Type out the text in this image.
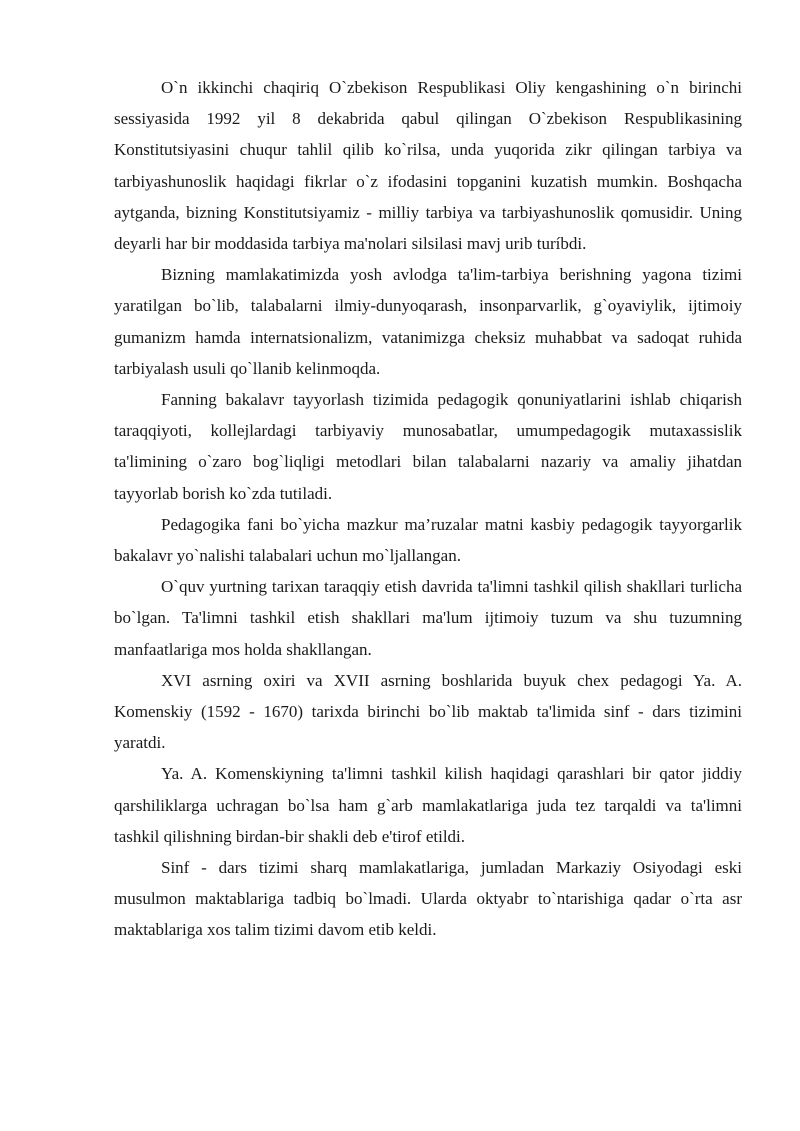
O`n ikkinchi chaqiriq O`zbekison Respublikasi Oliy kengashining o`n birinchi sessiyasida 1992 yil 8 dekabrida qabul qilingan O`zbekison Respublikasining Konstitutsiyasini chuqur tahlil qilib ko`rilsa, unda yuqorida zikr qilingan tarbiya va tarbiyashunoslik haqidagi fikrlar o`z ifodasini topganini kuzatish mumkin. Boshqacha aytganda, bizning Konstitutsiyamiz - milliy tarbiya va tarbiyashunoslik qomusidir. Uning deyarli har bir moddasida tarbiya ma'nolari silsilasi mavj urib turíbdi.

Bizning mamlakatimizda yosh avlodga ta'lim-tarbiya berishning yagona tizimi yaratilgan bo`lib, talabalarni ilmiy-dunyoqarash, insonparvarlik, g`oyaviylik, ijtimoiy gumanizm hamda internatsionalizm, vatanimizga cheksiz muhabbat va sadoqat ruhida tarbiyalash usuli qo`llanib kelinmoqda.

Fanning bakalavr tayyorlash tizimida pedagogik qonuniyatlarini ishlab chiqarish taraqqiyoti, kollejlardagi tarbiyaviy munosabatlar, umumpedagogik mutaxassislik ta'limining o`zaro bog`liqligi metodlari bilan talabalarni nazariy va amaliy jihatdan tayyorlab borish ko`zda tutiladi.

Pedagogika fani bo`yicha mazkur ma’ruzalar matni kasbiy pedagogik tayyorgarlik bakalavr yo`nalishi talabalari uchun mo`ljallangan.

O`quv yurtning tarixan taraqqiy etish davrida ta'limni tashkil qilish shakllari turlicha bo`lgan. Ta'limni tashkil etish shakllari ma'lum ijtimoiy tuzum va shu tuzumning manfaatlariga mos holda shakllangan.

XVI asrning oxiri va XVII asrning boshlarida buyuk chex pedagogi Ya. A. Komenskiy (1592 - 1670) tarixda birinchi bo`lib maktab ta'limida sinf - dars tizimini yaratdi.

Ya. A. Komenskiyning ta'limni tashkil kilish haqidagi qarashlari bir qator jiddiy qarshiliklarga uchragan bo`lsa ham g`arb mamlakatlariga juda tez tarqaldi va ta'limni tashkil qilishning birdan-bir shakli deb e'tirof etildi.

Sinf - dars tizimi sharq mamlakatlariga, jumladan Markaziy Osiyodagi eski musulmon maktablariga tadbiq bo`lmadi. Ularda oktyabr to`ntarishiga qadar o`rta asr maktablariga xos talim tizimi davom etib keldi.
